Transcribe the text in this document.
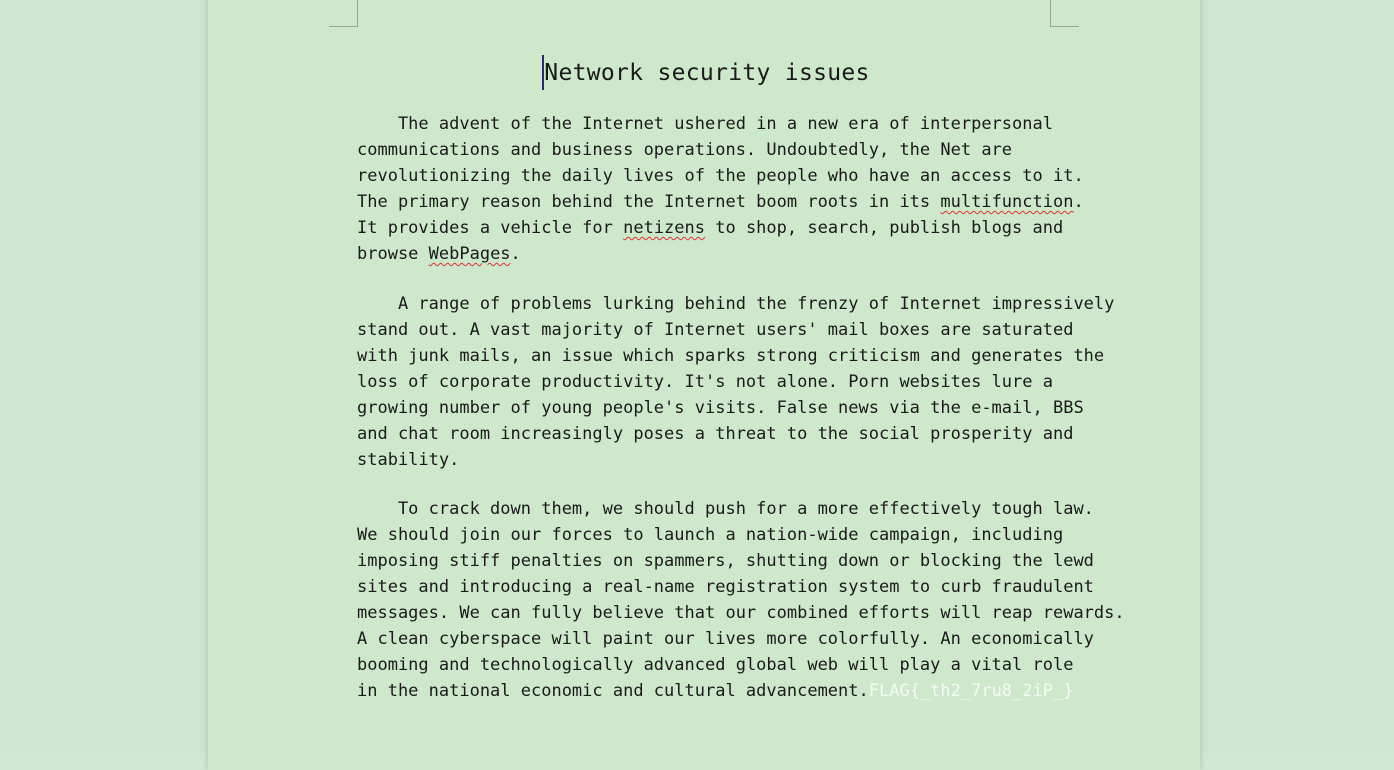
Network security issues
The advent of the Internet ushered in a new era of interpersonal
communications and business operations. Undoubtedly, the Net are
revolutionizing the daily lives of the people who have an access to it.
The primary reason behind the Internet boom roots in its multifunction.
It provides a vehicle for netizens to shop, search, publish blogs and
browse WebPages.
A range of problems lurking behind the frenzy of Internet impressively
stand out. A vast majority of Internet users' mail boxes are saturated
with junk mails, an issue which sparks strong criticism and generates the
loss of corporate productivity. It's not alone. Porn websites lure a
growing number of young people's visits. False news via the e-mail, BBS
and chat room increasingly poses a threat to the social prosperity and
stability.
To crack down them, we should push for a more effectively tough law.
We should join our forces to launch a nation-wide campaign, including
imposing stiff penalties on spammers, shutting down or blocking the lewd
sites and introducing a real-name registration system to curb fraudulent
messages. We can fully believe that our combined efforts will reap rewards.
A clean cyberspace will paint our lives more colorfully. An economically
booming and technologically advanced global web will play a vital role
in the national economic and cultural advancement.FLAG{_th2_7ru8_2iP_}
